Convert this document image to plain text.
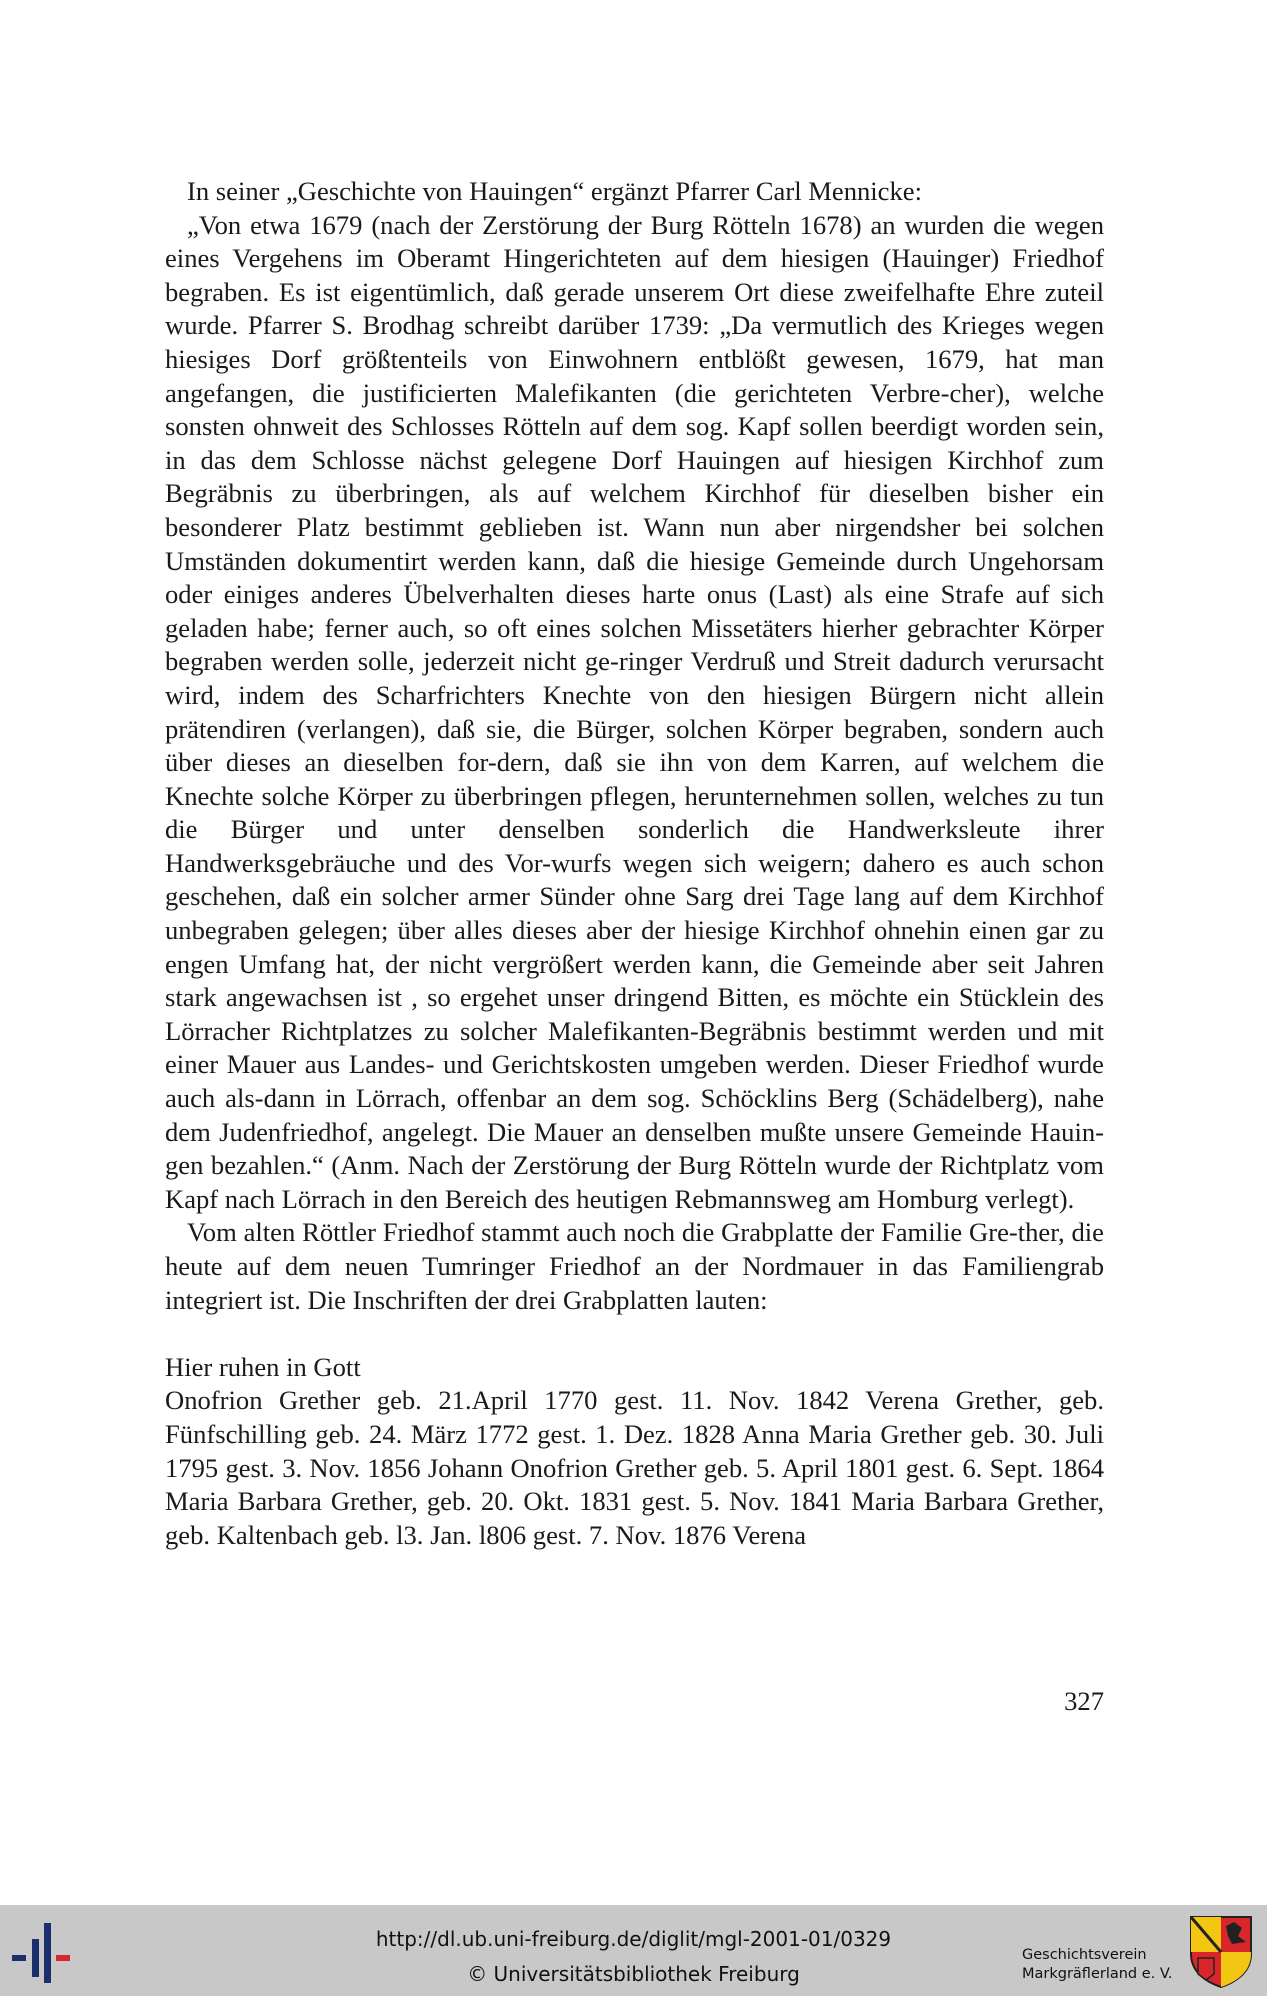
In seiner „Geschichte von Hauingen“ ergänzt Pfarrer Carl Mennicke:

„Von etwa 1679 (nach der Zerstörung der Burg Rötteln 1678) an wurden die wegen eines Vergehens im Oberamt Hingerichteten auf dem hiesigen (Hauinger) Friedhof begraben. Es ist eigentümlich, daß gerade unserem Ort diese zweifelhafte Ehre zuteil wurde. Pfarrer S. Brodhag schreibt darüber 1739: „Da vermutlich des Krieges wegen hiesiges Dorf größtenteils von Einwohnern entblößt gewesen, 1679, hat man angefangen, die justificierten Malefikanten (die gerichteten Verbre-cher), welche sonsten ohnweit des Schlosses Rötteln auf dem sog. Kapf sollen beerdigt worden sein, in das dem Schlosse nächst gelegene Dorf Hauingen auf hiesigen Kirchhof zum Begräbnis zu überbringen, als auf welchem Kirchhof für dieselben bisher ein besonderer Platz bestimmt geblieben ist. Wann nun aber nirgendsher bei solchen Umständen dokumentirt werden kann, daß die hiesige Gemeinde durch Ungehorsam oder einiges anderes Übelverhalten dieses harte onus (Last) als eine Strafe auf sich geladen habe; ferner auch, so oft eines solchen Missetäters hierher gebrachter Körper begraben werden solle, jederzeit nicht ge-ringer Verdruß und Streit dadurch verursacht wird, indem des Scharfrichters Knechte von den hiesigen Bürgern nicht allein prätendiren (verlangen), daß sie, die Bürger, solchen Körper begraben, sondern auch über dieses an dieselben for-dern, daß sie ihn von dem Karren, auf welchem die Knechte solche Körper zu überbringen pflegen, herunternehmen sollen, welches zu tun die Bürger und unter denselben sonderlich die Handwerksleute ihrer Handwerksgebräuche und des Vor-wurfs wegen sich weigern; dahero es auch schon geschehen, daß ein solcher armer Sünder ohne Sarg drei Tage lang auf dem Kirchhof unbegraben gelegen; über alles dieses aber der hiesige Kirchhof ohnehin einen gar zu engen Umfang hat, der nicht vergrößert werden kann, die Gemeinde aber seit Jahren stark angewachsen ist , so ergehet unser dringend Bitten, es möchte ein Stücklein des Lörracher Richtplatzes zu solcher Malefikanten-Begräbnis bestimmt werden und mit einer Mauer aus Landes- und Gerichtskosten umgeben werden. Dieser Friedhof wurde auch als-dann in Lörrach, offenbar an dem sog. Schöcklins Berg (Schädelberg), nahe dem Judenfriedhof, angelegt. Die Mauer an denselben mußte unsere Gemeinde Hauin-gen bezahlen.“ (Anm. Nach der Zerstörung der Burg Rötteln wurde der Richtplatz vom Kapf nach Lörrach in den Bereich des heutigen Rebmannsweg am Homburg verlegt).

Vom alten Röttler Friedhof stammt auch noch die Grabplatte der Familie Gre-ther, die heute auf dem neuen Tumringer Friedhof an der Nordmauer in das Familiengrab integriert ist. Die Inschriften der drei Grabplatten lauten:

Hier ruhen in Gott

Onofrion Grether geb. 21.April 1770 gest. 11. Nov. 1842 Verena Grether, geb. Fünfschilling geb. 24. März 1772 gest. 1. Dez. 1828 Anna Maria Grether geb. 30. Juli 1795 gest. 3. Nov. 1856 Johann Onofrion Grether geb. 5. April 1801 gest. 6. Sept. 1864 Maria Barbara Grether, geb. 20. Okt. 1831 gest. 5. Nov. 1841 Maria Barbara Grether, geb. Kaltenbach geb. l3. Jan. l806 gest. 7. Nov. 1876 Verena

327
http://dl.ub.uni-freiburg.de/diglit/mgl-2001-01/0329
© Universitätsbibliothek Freiburg
Geschichtsverein
Markgräflerland e. V.
